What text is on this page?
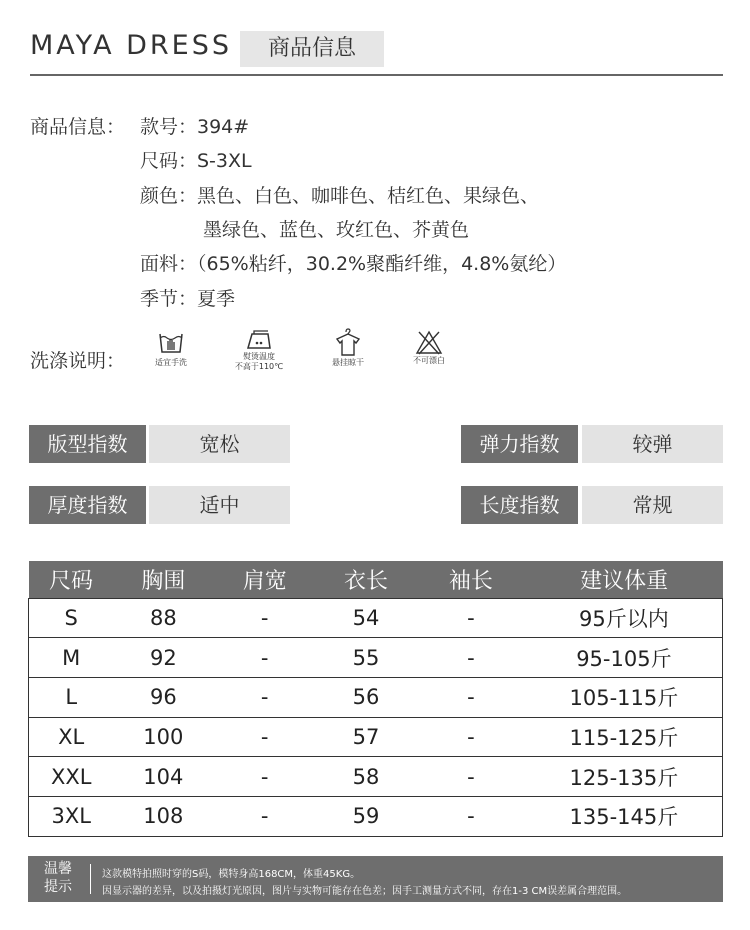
MAYA DRESS	商品信息
商品信息： 款号：394#
尺码：S-3XL
颜色：黑色、白色、咖啡色、桔红色、果绿色、
墨绿色、蓝色、玫红色、芥黄色
面料：（65%粘纤，30.2%聚酯纤维，4.8%氨纶）
季节：夏季
洗涤说明：	适宜手洗
熨烫温度
不高于110℃	悬挂晾干	不可漂白
版型指数	宽松	弹力指数	较弹
厚度指数	适中	长度指数	常规
尺码	胸围	肩宽	衣长	袖长	建议体重
S	88	-	54	-	95斤以内
M	92	-	55	-	95-105斤
L	96	-	56	-	105-115斤
XL	100	-	57	-	115-125斤
XXL	104	-	58	-	125-135斤
3XL	108	-	59	-	135-145斤
温馨
提示
这款模特拍照时穿的S码，模特身高168CM，体重45KG。
因显示器的差异，以及拍摄灯光原因，图片与实物可能存在色差；因手工测量方式不同，存在1-3 CM误差属合理范围。
